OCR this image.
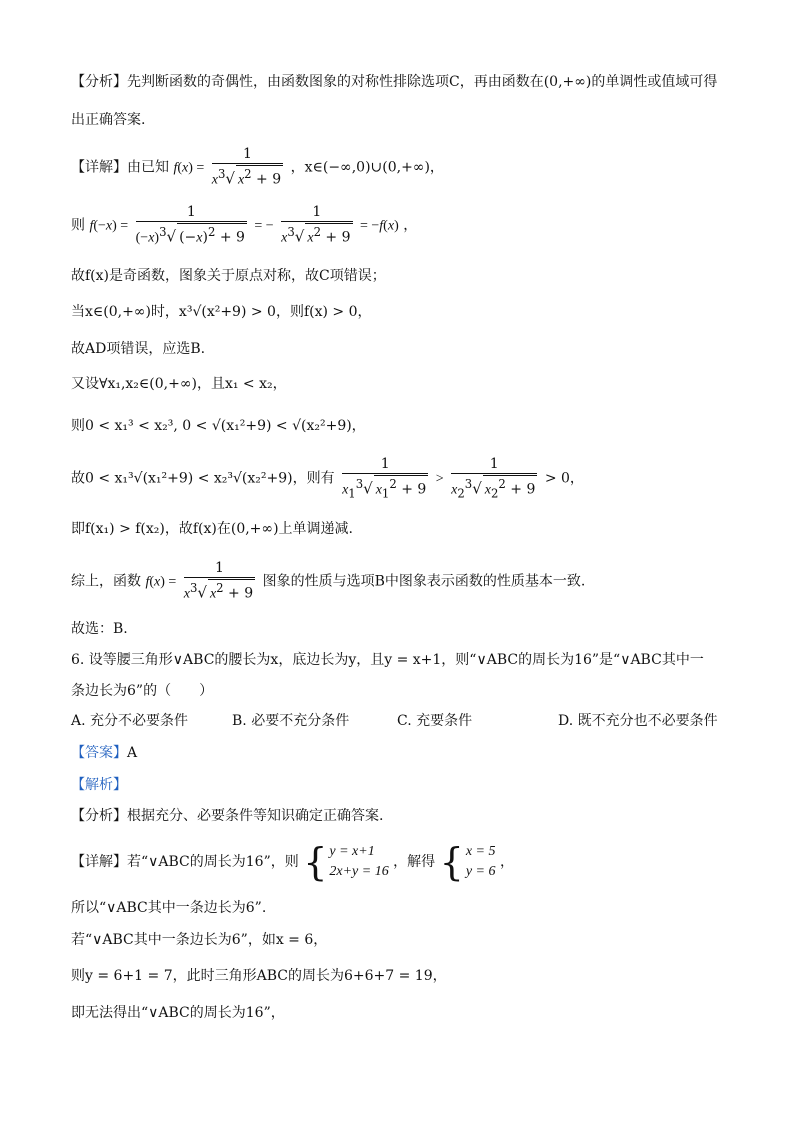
【分析】先判断函数的奇偶性，由函数图象的对称性排除选项C，再由函数在(0,+∞)的单调性或值域可得
出正确答案.
【详解】由已知 $f(x) = \frac{1}{x^3√ x^2 + 9}$ ，x∈(−∞,0)∪(0,+∞)，
则 $f(-x) = \frac{1}{(-x)^3√ (-x)^2 + 9}$ = − $\frac{1}{x^3√ x^2 + 9} = -f(x)$ ，
故f(x)是奇函数，图象关于原点对称，故C项错误；
当x∈(0,+∞)时，x³√(x²+9) > 0，则f(x) > 0，
故AD项错误，应选B.
又设∀x₁,x₂∈(0,+∞)，且x₁ < x₂，
则0 < x₁³ < x₂³, 0 < √(x₁²+9) < √(x₂²+9)，
故0 < x₁³√(x₁²+9) < x₂³√(x₂²+9)，则有 $\frac{1}{x_1^3√ x_1^2 + 9} > \frac{1}{x_2^3√ x_2^2 + 9} > 0$，
即f(x₁) > f(x₂)，故f(x)在(0,+∞)上单调递减.
综上，函数 $f(x) = \frac{1}{x^3√ x^2 + 9}$ 图象的性质与选项B中图象表示函数的性质基本一致.
故选：B.
6. 设等腰三角形∨ABC的腰长为x，底边长为y，且y = x+1，则“∨ABC的周长为16”是“∨ABC其中一
条边长为6”的（　　）
A. 充分不必要条件	B. 必要不充分条件	C. 充要条件	D. 既不充分也不必要条件
【答案】A
【解析】
【分析】根据充分、必要条件等知识确定正确答案.
【详解】若“∨ABC的周长为16”，则 { y = x+1
2x+y = 16
，解得 { x = 5
y = 6
，
所以“∨ABC其中一条边长为6”.
若“∨ABC其中一条边长为6”，如x = 6，
则y = 6+1 = 7，此时三角形ABC的周长为6+6+7 = 19，
即无法得出“∨ABC的周长为16”，
